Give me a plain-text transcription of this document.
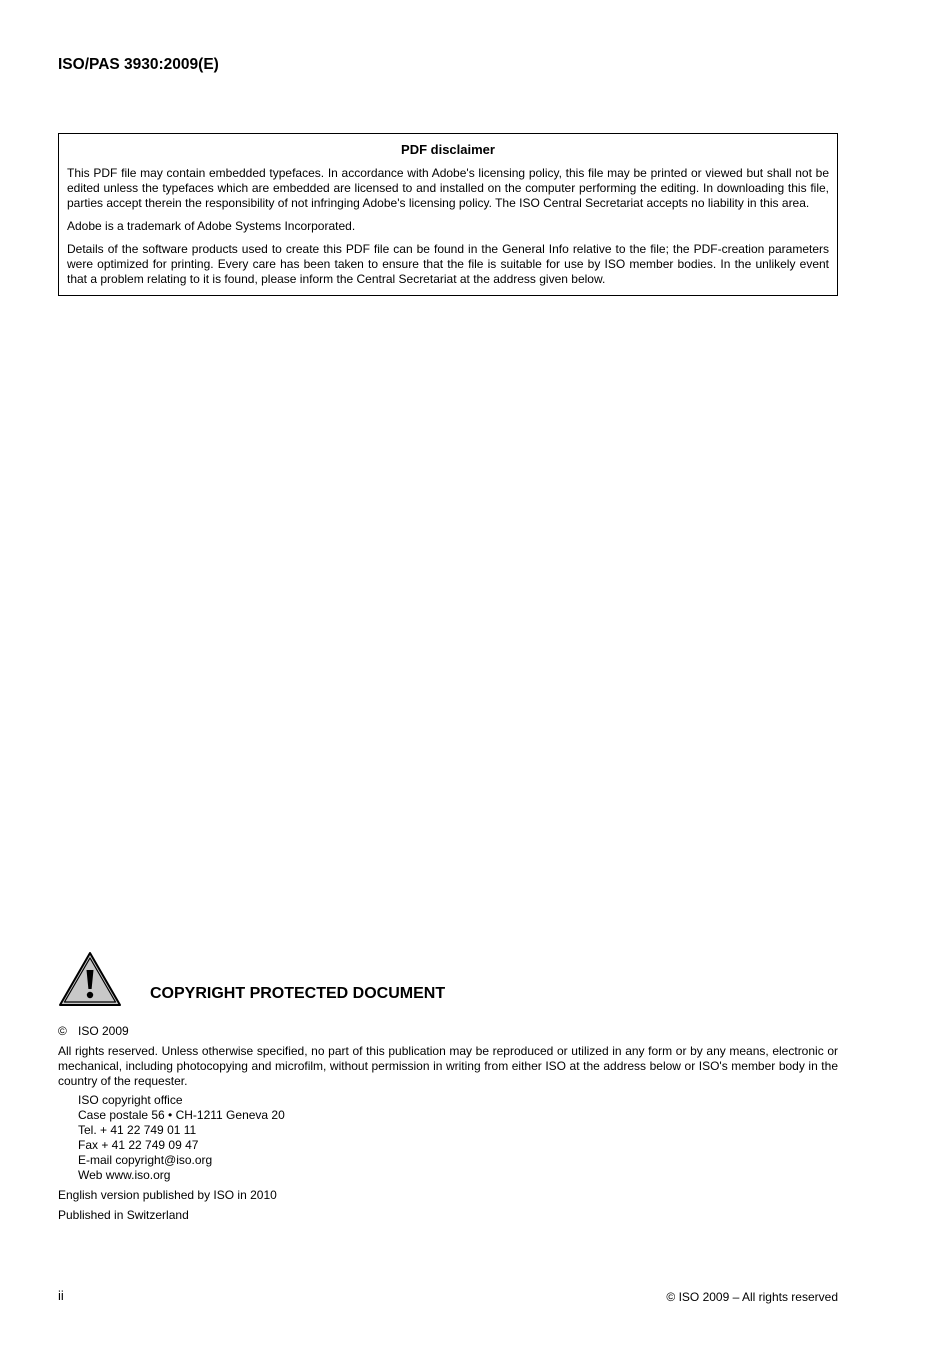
ISO/PAS 3930:2009(E)
PDF disclaimer

This PDF file may contain embedded typefaces. In accordance with Adobe's licensing policy, this file may be printed or viewed but shall not be edited unless the typefaces which are embedded are licensed to and installed on the computer performing the editing. In downloading this file, parties accept therein the responsibility of not infringing Adobe's licensing policy. The ISO Central Secretariat accepts no liability in this area.

Adobe is a trademark of Adobe Systems Incorporated.

Details of the software products used to create this PDF file can be found in the General Info relative to the file; the PDF-creation parameters were optimized for printing. Every care has been taken to ensure that the file is suitable for use by ISO member bodies. In the unlikely event that a problem relating to it is found, please inform the Central Secretariat at the address given below.

COPYRIGHT PROTECTED DOCUMENT
© ISO 2009

All rights reserved. Unless otherwise specified, no part of this publication may be reproduced or utilized in any form or by any means, electronic or mechanical, including photocopying and microfilm, without permission in writing from either ISO at the address below or ISO's member body in the country of the requester.

ISO copyright office
Case postale 56 • CH-1211 Geneva 20
Tel. + 41 22 749 01 11
Fax + 41 22 749 09 47
E-mail copyright@iso.org
Web www.iso.org
English version published by ISO in 2010
Published in Switzerland
ii	© ISO 2009 – All rights reserved
